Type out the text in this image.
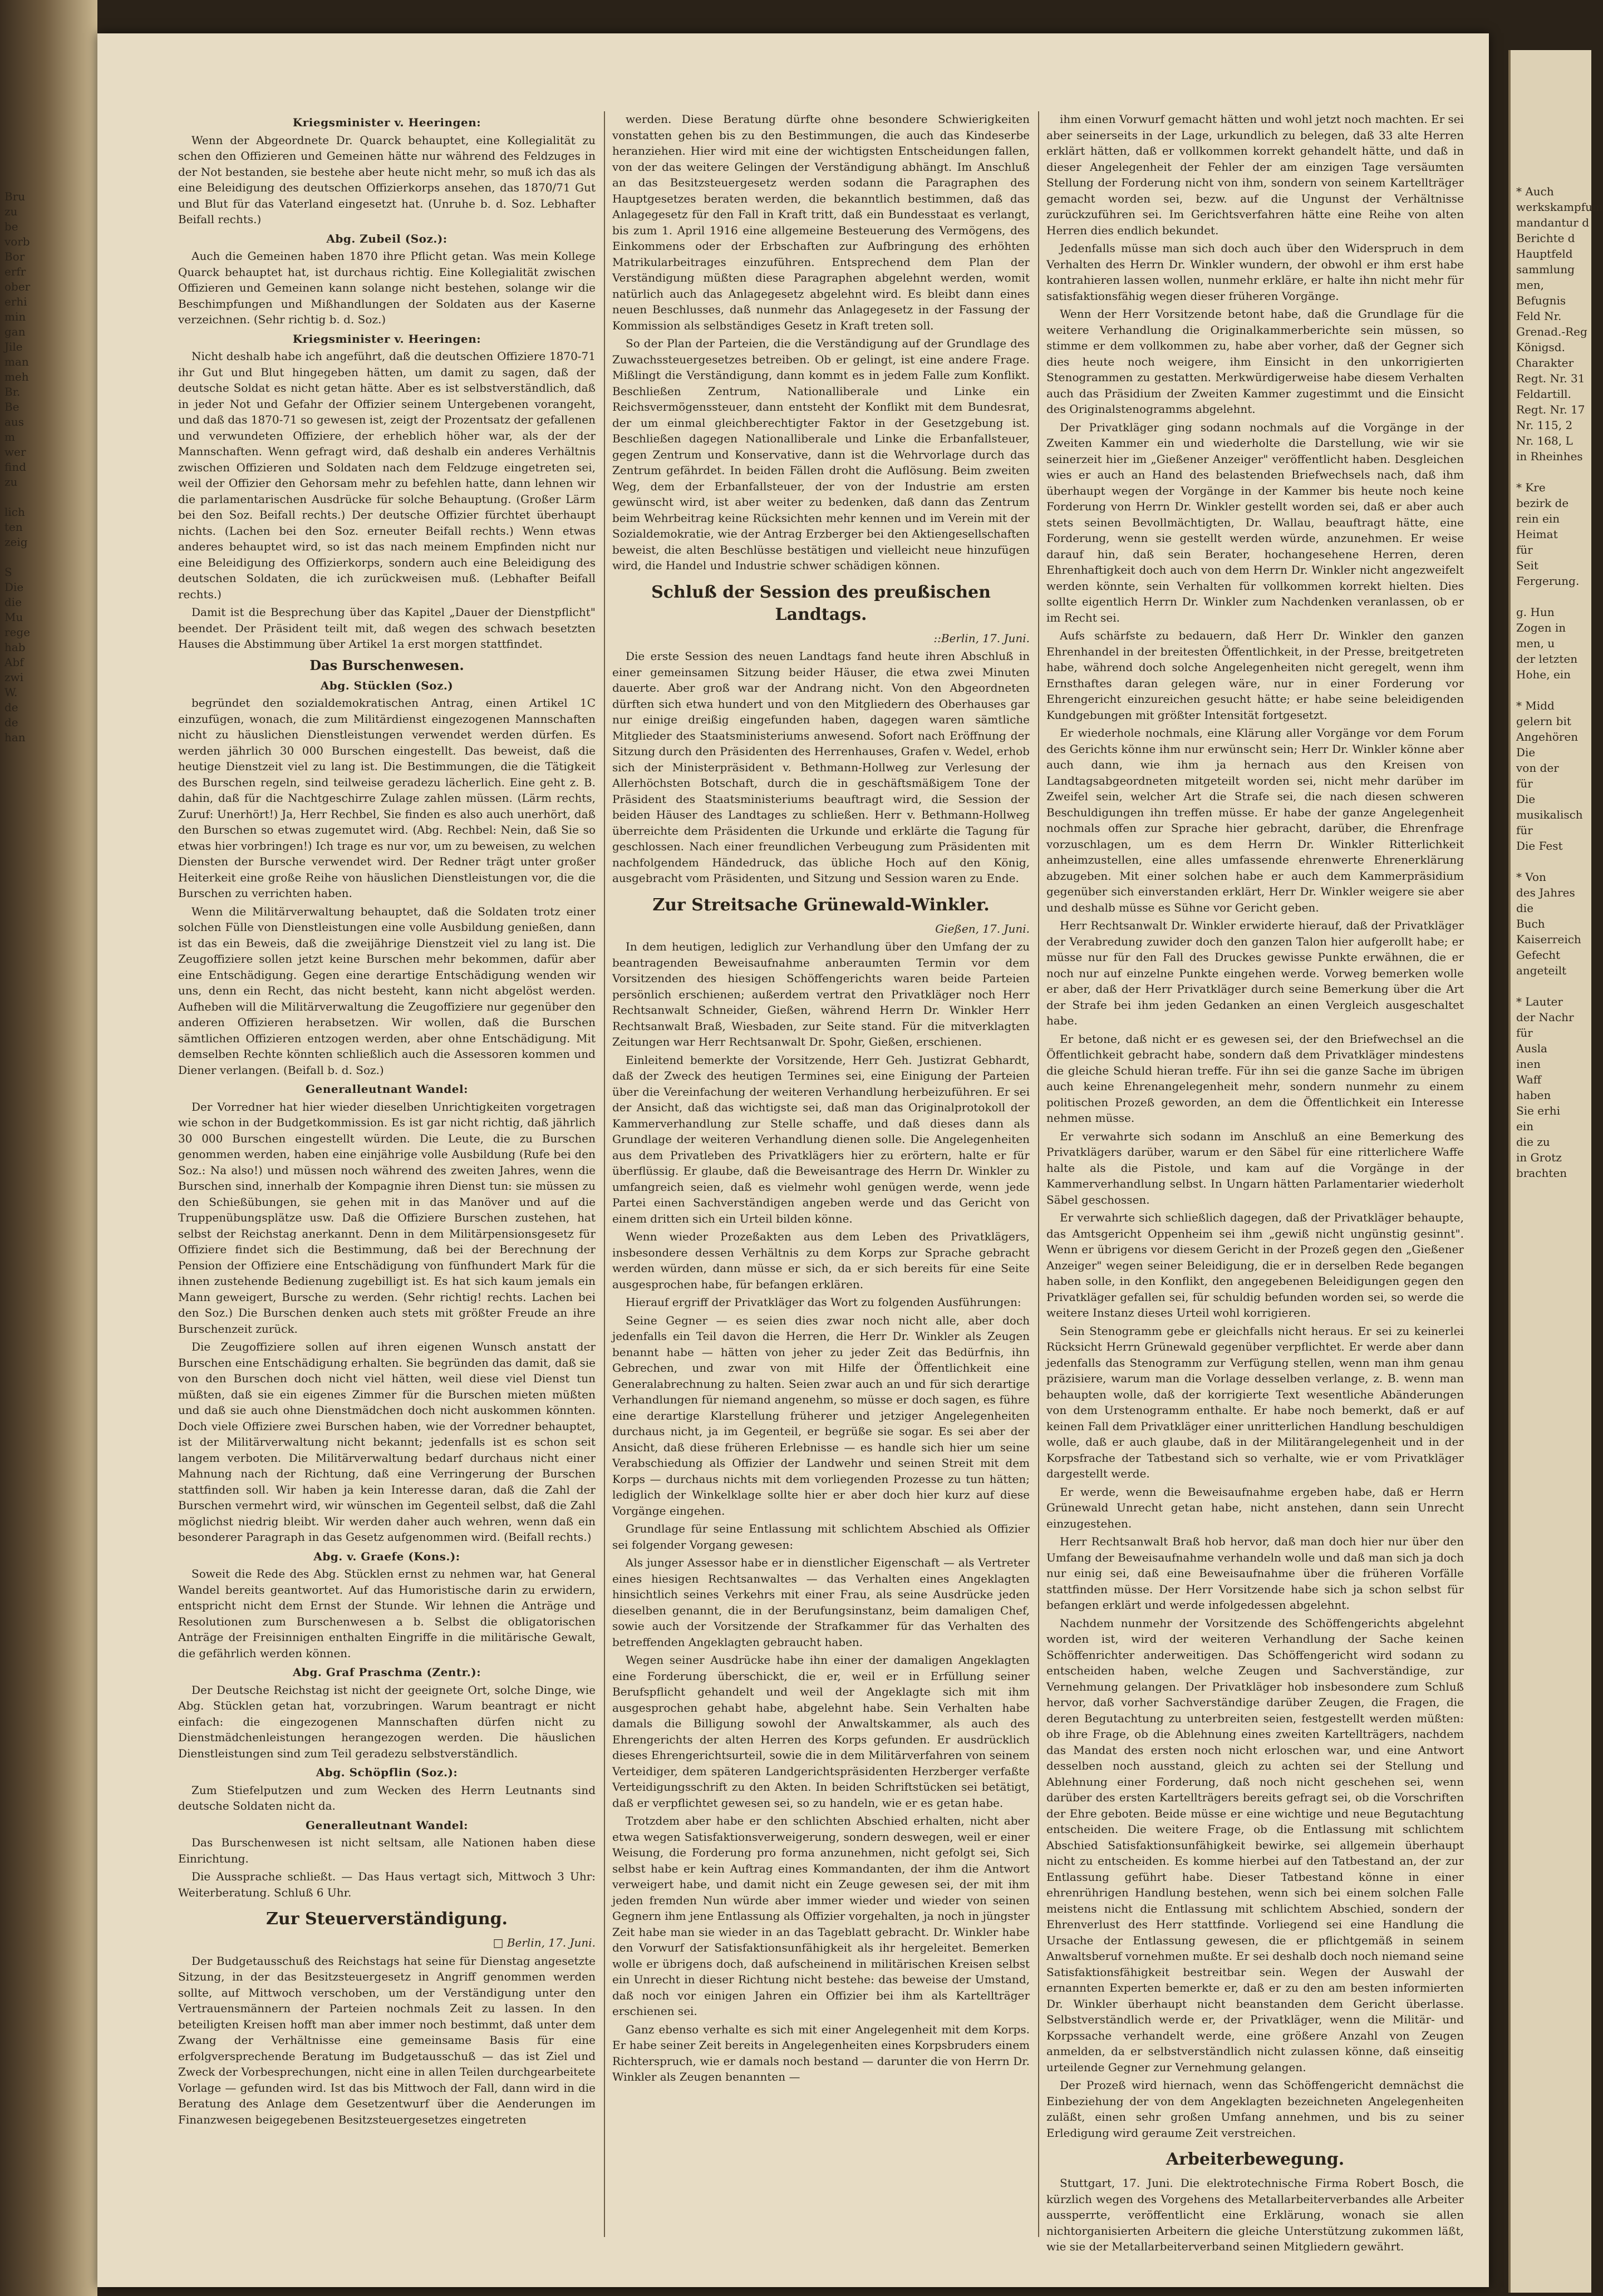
Bru
zu
be
vorb
Bor
erfr
ober
erhi
min
gan
Jile
man
meh
Br.
Be
aus
m
wer
find
zu

lich
ten
zeig

S
Die
die
Mu
rege
hab
Abf
zwi
W.
de
de
han

Kriegsminister v. Heeringen:

Wenn der Abgeordnete Dr. Quarck behauptet, eine Kollegialität zu schen den Offizieren und Gemeinen hätte nur während des Feldzuges in der Not bestanden, sie bestehe aber heute nicht mehr, so muß ich das als eine Beleidigung des deutschen Offizierkorps ansehen, das 1870/71 Gut und Blut für das Vaterland eingesetzt hat. (Unruhe b. d. Soz. Lebhafter Beifall rechts.)

Abg. Zubeil (Soz.):

Auch die Gemeinen haben 1870 ihre Pflicht getan. Was mein Kollege Quarck behauptet hat, ist durchaus richtig. Eine Kollegialität zwischen Offizieren und Gemeinen kann solange nicht bestehen, solange wir die Beschimpfungen und Mißhandlungen der Soldaten aus der Kaserne verzeichnen. (Sehr richtig b. d. Soz.)

Kriegsminister v. Heeringen:

Nicht deshalb habe ich angeführt, daß die deutschen Offiziere 1870-71 ihr Gut und Blut hingegeben hätten, um damit zu sagen, daß der deutsche Soldat es nicht getan hätte. Aber es ist selbstverständlich, daß in jeder Not und Gefahr der Offizier seinem Untergebenen vorangeht, und daß das 1870-71 so gewesen ist, zeigt der Prozentsatz der gefallenen und verwundeten Offiziere, der erheblich höher war, als der der Mannschaften. Wenn gefragt wird, daß deshalb ein anderes Verhältnis zwischen Offizieren und Soldaten nach dem Feldzuge eingetreten sei, weil der Offizier den Gehorsam mehr zu befehlen hatte, dann lehnen wir die parlamentarischen Ausdrücke für solche Behauptung. (Großer Lärm bei den Soz. Beifall rechts.) Der deutsche Offizier fürchtet überhaupt nichts. (Lachen bei den Soz. erneuter Beifall rechts.) Wenn etwas anderes behauptet wird, so ist das nach meinem Empfinden nicht nur eine Beleidigung des Offizierkorps, sondern auch eine Beleidigung des deutschen Soldaten, die ich zurückweisen muß. (Lebhafter Beifall rechts.)

Damit ist die Besprechung über das Kapitel „Dauer der Dienstpflicht" beendet. Der Präsident teilt mit, daß wegen des schwach besetzten Hauses die Abstimmung über Artikel 1a erst morgen stattfindet.

Das Burschenwesen.

Abg. Stücklen (Soz.)

begründet den sozialdemokratischen Antrag, einen Artikel 1C einzufügen, wonach, die zum Militärdienst eingezogenen Mannschaften nicht zu häuslichen Dienstleistungen verwendet werden dürfen. Es werden jährlich 30 000 Burschen eingestellt. Das beweist, daß die heutige Dienstzeit viel zu lang ist. Die Bestimmungen, die die Tätigkeit des Burschen regeln, sind teilweise geradezu lächerlich. Eine geht z. B. dahin, daß für die Nachtgeschirre Zulage zahlen müssen. (Lärm rechts, Zuruf: Unerhört!) Ja, Herr Rechbel, Sie finden es also auch unerhört, daß den Burschen so etwas zugemutet wird. (Abg. Rechbel: Nein, daß Sie so etwas hier vorbringen!) Ich trage es nur vor, um zu beweisen, zu welchen Diensten der Bursche verwendet wird. Der Redner trägt unter großer Heiterkeit eine große Reihe von häuslichen Dienstleistungen vor, die die Burschen zu verrichten haben.

Wenn die Militärverwaltung behauptet, daß die Soldaten trotz einer solchen Fülle von Dienstleistungen eine volle Ausbildung genießen, dann ist das ein Beweis, daß die zweijährige Dienstzeit viel zu lang ist. Die Zeugoffiziere sollen jetzt keine Burschen mehr bekommen, dafür aber eine Entschädigung. Gegen eine derartige Entschädigung wenden wir uns, denn ein Recht, das nicht besteht, kann nicht abgelöst werden. Aufheben will die Militärverwaltung die Zeugoffiziere nur gegenüber den anderen Offizieren herabsetzen. Wir wollen, daß die Burschen sämtlichen Offizieren entzogen werden, aber ohne Entschädigung. Mit demselben Rechte könnten schließlich auch die Assessoren kommen und Diener verlangen. (Beifall b. d. Soz.)

Generalleutnant Wandel:

Der Vorredner hat hier wieder dieselben Unrichtigkeiten vorgetragen wie schon in der Budgetkommission. Es ist gar nicht richtig, daß jährlich 30 000 Burschen eingestellt würden. Die Leute, die zu Burschen genommen werden, haben eine einjährige volle Ausbildung (Rufe bei den Soz.: Na also!) und müssen noch während des zweiten Jahres, wenn die Burschen sind, innerhalb der Kompagnie ihren Dienst tun: sie müssen zu den Schießübungen, sie gehen mit in das Manöver und auf die Truppenübungsplätze usw. Daß die Offiziere Burschen zustehen, hat selbst der Reichstag anerkannt. Denn in dem Militärpensionsgesetz für Offiziere findet sich die Bestimmung, daß bei der Berechnung der Pension der Offiziere eine Entschädigung von fünfhundert Mark für die ihnen zustehende Bedienung zugebilligt ist. Es hat sich kaum jemals ein Mann geweigert, Bursche zu werden. (Sehr richtig! rechts. Lachen bei den Soz.) Die Burschen denken auch stets mit größter Freude an ihre Burschenzeit zurück.

Die Zeugoffiziere sollen auf ihren eigenen Wunsch anstatt der Burschen eine Entschädigung erhalten. Sie begründen das damit, daß sie von den Burschen doch nicht viel hätten, weil diese viel Dienst tun müßten, daß sie ein eigenes Zimmer für die Burschen mieten müßten und daß sie auch ohne Dienstmädchen doch nicht auskommen könnten. Doch viele Offiziere zwei Burschen haben, wie der Vorredner behauptet, ist der Militärverwaltung nicht bekannt; jedenfalls ist es schon seit langem verboten. Die Militärverwaltung bedarf durchaus nicht einer Mahnung nach der Richtung, daß eine Verringerung der Burschen stattfinden soll. Wir haben ja kein Interesse daran, daß die Zahl der Burschen vermehrt wird, wir wünschen im Gegenteil selbst, daß die Zahl möglichst niedrig bleibt. Wir werden daher auch wehren, wenn daß ein besonderer Paragraph in das Gesetz aufgenommen wird. (Beifall rechts.)

Abg. v. Graefe (Kons.):

Soweit die Rede des Abg. Stücklen ernst zu nehmen war, hat General Wandel bereits geantwortet. Auf das Humoristische darin zu erwidern, entspricht nicht dem Ernst der Stunde. Wir lehnen die Anträge und Resolutionen zum Burschenwesen a b. Selbst die obligatorischen Anträge der Freisinnigen enthalten Eingriffe in die militärische Gewalt, die gefährlich werden können.

Abg. Graf Praschma (Zentr.):

Der Deutsche Reichstag ist nicht der geeignete Ort, solche Dinge, wie Abg. Stücklen getan hat, vorzubringen. Warum beantragt er nicht einfach: die eingezogenen Mannschaften dürfen nicht zu Dienstmädchenleistungen herangezogen werden. Die häuslichen Dienstleistungen sind zum Teil geradezu selbstverständlich.

Abg. Schöpflin (Soz.):

Zum Stiefelputzen und zum Wecken des Herrn Leutnants sind deutsche Soldaten nicht da.

Generalleutnant Wandel:

Das Burschenwesen ist nicht seltsam, alle Nationen haben diese Einrichtung.

Die Aussprache schließt. — Das Haus vertagt sich, Mittwoch 3 Uhr: Weiterberatung. Schluß 6 Uhr.

Zur Steuerverständigung.

□ Berlin, 17. Juni.

Der Budgetausschuß des Reichstags hat seine für Dienstag angesetzte Sitzung, in der das Besitzsteuergesetz in Angriff genommen werden sollte, auf Mittwoch verschoben, um der Verständigung unter den Vertrauensmännern der Parteien nochmals Zeit zu lassen. In den beteiligten Kreisen hofft man aber immer noch bestimmt, daß unter dem Zwang der Verhältnisse eine gemeinsame Basis für eine erfolgversprechende Beratung im Budgetausschuß — das ist Ziel und Zweck der Vorbesprechungen, nicht eine in allen Teilen durchgearbeitete Vorlage — gefunden wird. Ist das bis Mittwoch der Fall, dann wird in die Beratung des Anlage dem Gesetzentwurf über die Aenderungen im Finanzwesen beigegebenen Besitzsteuergesetzes eingetreten

werden. Diese Beratung dürfte ohne besondere Schwierigkeiten vonstatten gehen bis zu den Bestimmungen, die auch das Kindeserbe heranziehen. Hier wird mit eine der wichtigsten Entscheidungen fallen, von der das weitere Gelingen der Verständigung abhängt. Im Anschluß an das Besitzsteuergesetz werden sodann die Paragraphen des Hauptgesetzes beraten werden, die bekanntlich bestimmen, daß das Anlagegesetz für den Fall in Kraft tritt, daß ein Bundesstaat es verlangt, bis zum 1. April 1916 eine allgemeine Besteuerung des Vermögens, des Einkommens oder der Erbschaften zur Aufbringung des erhöhten Matrikularbeitrages einzuführen. Entsprechend dem Plan der Verständigung müßten diese Paragraphen abgelehnt werden, womit natürlich auch das Anlagegesetz abgelehnt wird. Es bleibt dann eines neuen Beschlusses, daß nunmehr das Anlagegesetz in der Fassung der Kommission als selbständiges Gesetz in Kraft treten soll.

So der Plan der Parteien, die die Verständigung auf der Grundlage des Zuwachssteuergesetzes betreiben. Ob er gelingt, ist eine andere Frage. Mißlingt die Verständigung, dann kommt es in jedem Falle zum Konflikt. Beschließen Zentrum, Nationalliberale und Linke ein Reichsvermögenssteuer, dann entsteht der Konflikt mit dem Bundesrat, der um einmal gleichberechtigter Faktor in der Gesetzgebung ist. Beschließen dagegen Nationalliberale und Linke die Erbanfallsteuer, gegen Zentrum und Konservative, dann ist die Wehrvorlage durch das Zentrum gefährdet. In beiden Fällen droht die Auflösung. Beim zweiten Weg, dem der Erbanfallsteuer, der von der Industrie am ersten gewünscht wird, ist aber weiter zu bedenken, daß dann das Zentrum beim Wehrbeitrag keine Rücksichten mehr kennen und im Verein mit der Sozialdemokratie, wie der Antrag Erzberger bei den Aktiengesellschaften beweist, die alten Beschlüsse bestätigen und vielleicht neue hinzufügen wird, die Handel und Industrie schwer schädigen können.

Schluß der Session des preußischen Landtags.

::Berlin, 17. Juni.

Die erste Session des neuen Landtags fand heute ihren Abschluß in einer gemeinsamen Sitzung beider Häuser, die etwa zwei Minuten dauerte. Aber groß war der Andrang nicht. Von den Abgeordneten dürften sich etwa hundert und von den Mitgliedern des Oberhauses gar nur einige dreißig eingefunden haben, dagegen waren sämtliche Mitglieder des Staatsministeriums anwesend. Sofort nach Eröffnung der Sitzung durch den Präsidenten des Herrenhauses, Grafen v. Wedel, erhob sich der Ministerpräsident v. Bethmann-Hollweg zur Verlesung der Allerhöchsten Botschaft, durch die in geschäftsmäßigem Tone der Präsident des Staatsministeriums beauftragt wird, die Session der beiden Häuser des Landtages zu schließen. Herr v. Bethmann-Hollweg überreichte dem Präsidenten die Urkunde und erklärte die Tagung für geschlossen. Nach einer freundlichen Verbeugung zum Präsidenten mit nachfolgendem Händedruck, das übliche Hoch auf den König, ausgebracht vom Präsidenten, und Sitzung und Session waren zu Ende.

Zur Streitsache Grünewald-Winkler.

Gießen, 17. Juni.

In dem heutigen, lediglich zur Verhandlung über den Umfang der zu beantragenden Beweisaufnahme anberaumten Termin vor dem Vorsitzenden des hiesigen Schöffengerichts waren beide Parteien persönlich erschienen; außerdem vertrat den Privatkläger noch Herr Rechtsanwalt Schneider, Gießen, während Herrn Dr. Winkler Herr Rechtsanwalt Braß, Wiesbaden, zur Seite stand. Für die mitverklagten Zeitungen war Herr Rechtsanwalt Dr. Spohr, Gießen, erschienen.

Einleitend bemerkte der Vorsitzende, Herr Geh. Justizrat Gebhardt, daß der Zweck des heutigen Termines sei, eine Einigung der Parteien über die Vereinfachung der weiteren Verhandlung herbeizuführen. Er sei der Ansicht, daß das wichtigste sei, daß man das Originalprotokoll der Kammerverhandlung zur Stelle schaffe, und daß dieses dann als Grundlage der weiteren Verhandlung dienen solle. Die Angelegenheiten aus dem Privatleben des Privatklägers hier zu erörtern, halte er für überflüssig. Er glaube, daß die Beweisantrage des Herrn Dr. Winkler zu umfangreich seien, daß es vielmehr wohl genügen werde, wenn jede Partei einen Sachverständigen angeben werde und das Gericht von einem dritten sich ein Urteil bilden könne.

Wenn wieder Prozeßakten aus dem Leben des Privatklägers, insbesondere dessen Verhältnis zu dem Korps zur Sprache gebracht werden würden, dann müsse er sich, da er sich bereits für eine Seite ausgesprochen habe, für befangen erklären.

Hierauf ergriff der Privatkläger das Wort zu folgenden Ausführungen:

Seine Gegner — es seien dies zwar noch nicht alle, aber doch jedenfalls ein Teil davon die Herren, die Herr Dr. Winkler als Zeugen benannt habe — hätten von jeher zu jeder Zeit das Bedürfnis, ihn Gebrechen, und zwar von mit Hilfe der Öffentlichkeit eine Generalabrechnung zu halten. Seien zwar auch an und für sich derartige Verhandlungen für niemand angenehm, so müsse er doch sagen, es führe eine derartige Klarstellung früherer und jetziger Angelegenheiten durchaus nicht, ja im Gegenteil, er begrüße sie sogar. Es sei aber der Ansicht, daß diese früheren Erlebnisse — es handle sich hier um seine Verabschiedung als Offizier der Landwehr und seinen Streit mit dem Korps — durchaus nichts mit dem vorliegenden Prozesse zu tun hätten; lediglich der Winkelklage sollte hier er aber doch hier kurz auf diese Vorgänge eingehen.

Grundlage für seine Entlassung mit schlichtem Abschied als Offizier sei folgender Vorgang gewesen:

Als junger Assessor habe er in dienstlicher Eigenschaft — als Vertreter eines hiesigen Rechtsanwaltes — das Verhalten eines Angeklagten hinsichtlich seines Verkehrs mit einer Frau, als seine Ausdrücke jeden dieselben genannt, die in der Berufungsinstanz, beim damaligen Chef, sowie auch der Vorsitzende der Strafkammer für das Verhalten des betreffenden Angeklagten gebraucht haben.

Wegen seiner Ausdrücke habe ihn einer der damaligen Angeklagten eine Forderung überschickt, die er, weil er in Erfüllung seiner Berufspflicht gehandelt und weil der Angeklagte sich mit ihm ausgesprochen gehabt habe, abgelehnt habe. Sein Verhalten habe damals die Billigung sowohl der Anwaltskammer, als auch des Ehrengerichts der alten Herren des Korps gefunden. Er ausdrücklich dieses Ehrengerichtsurteil, sowie die in dem Militärverfahren von seinem Verteidiger, dem späteren Landgerichtspräsidenten Herzberger verfaßte Verteidigungsschrift zu den Akten. In beiden Schriftstücken sei betätigt, daß er verpflichtet gewesen sei, so zu handeln, wie er es getan habe.

Trotzdem aber habe er den schlichten Abschied erhalten, nicht aber etwa wegen Satisfaktionsverweigerung, sondern deswegen, weil er einer Weisung, die Forderung pro forma anzunehmen, nicht gefolgt sei, Sich selbst habe er kein Auftrag eines Kommandanten, der ihm die Antwort verweigert habe, und damit nicht ein Zeuge gewesen sei, der mit ihm jeden fremden Nun würde aber immer wieder und wieder von seinen Gegnern ihm jene Entlassung als Offizier vorgehalten, ja noch in jüngster Zeit habe man sie wieder in an das Tageblatt gebracht. Dr. Winkler habe den Vorwurf der Satisfaktionsunfähigkeit als ihr hergeleitet. Bemerken wolle er übrigens doch, daß aufscheinend in militärischen Kreisen selbst ein Unrecht in dieser Richtung nicht bestehe: das beweise der Umstand, daß noch vor einigen Jahren ein Offizier bei ihm als Kartellträger erschienen sei.

Ganz ebenso verhalte es sich mit einer Angelegenheit mit dem Korps. Er habe seiner Zeit bereits in Angelegenheiten eines Korpsbruders einem Richterspruch, wie er damals noch bestand — darunter die von Herrn Dr. Winkler als Zeugen benannten —

ihm einen Vorwurf gemacht hätten und wohl jetzt noch machten. Er sei aber seinerseits in der Lage, urkundlich zu belegen, daß 33 alte Herren erklärt hätten, daß er vollkommen korrekt gehandelt hätte, und daß in dieser Angelegenheit der Fehler der am einzigen Tage versäumten Stellung der Forderung nicht von ihm, sondern von seinem Kartellträger gemacht worden sei, bezw. auf die Ungunst der Verhältnisse zurückzuführen sei. Im Gerichtsverfahren hätte eine Reihe von alten Herren dies endlich bekundet.

Jedenfalls müsse man sich doch auch über den Widerspruch in dem Verhalten des Herrn Dr. Winkler wundern, der obwohl er ihm erst habe kontrahieren lassen wollen, nunmehr erkläre, er halte ihn nicht mehr für satisfaktionsfähig wegen dieser früheren Vorgänge.

Wenn der Herr Vorsitzende betont habe, daß die Grundlage für die weitere Verhandlung die Originalkammerberichte sein müssen, so stimme er dem vollkommen zu, habe aber vorher, daß der Gegner sich dies heute noch weigere, ihm Einsicht in den unkorrigierten Stenogrammen zu gestatten. Merkwürdigerweise habe diesem Verhalten auch das Präsidium der Zweiten Kammer zugestimmt und die Einsicht des Originalstenogramms abgelehnt.

Der Privatkläger ging sodann nochmals auf die Vorgänge in der Zweiten Kammer ein und wiederholte die Darstellung, wie wir sie seinerzeit hier im „Gießener Anzeiger" veröffentlicht haben. Desgleichen wies er auch an Hand des belastenden Briefwechsels nach, daß ihm überhaupt wegen der Vorgänge in der Kammer bis heute noch keine Forderung von Herrn Dr. Winkler gestellt worden sei, daß er aber auch stets seinen Bevollmächtigten, Dr. Wallau, beauftragt hätte, eine Forderung, wenn sie gestellt werden würde, anzunehmen. Er weise darauf hin, daß sein Berater, hochangesehene Herren, deren Ehrenhaftigkeit doch auch von dem Herrn Dr. Winkler nicht angezweifelt werden könnte, sein Verhalten für vollkommen korrekt hielten. Dies sollte eigentlich Herrn Dr. Winkler zum Nachdenken veranlassen, ob er im Recht sei.

Aufs schärfste zu bedauern, daß Herr Dr. Winkler den ganzen Ehrenhandel in der breitesten Öffentlichkeit, in der Presse, breitgetreten habe, während doch solche Angelegenheiten nicht geregelt, wenn ihm Ernsthaftes daran gelegen wäre, nur in einer Forderung vor Ehrengericht einzureichen gesucht hätte; er habe seine beleidigenden Kundgebungen mit größter Intensität fortgesetzt.

Er wiederhole nochmals, eine Klärung aller Vorgänge vor dem Forum des Gerichts könne ihm nur erwünscht sein; Herr Dr. Winkler könne aber auch dann, wie ihm ja hernach aus den Kreisen von Landtagsabgeordneten mitgeteilt worden sei, nicht mehr darüber im Zweifel sein, welcher Art die Strafe sei, die nach diesen schweren Beschuldigungen ihn treffen müsse. Er habe der ganze Angelegenheit nochmals offen zur Sprache hier gebracht, darüber, die Ehrenfrage vorzuschlagen, um es dem Herrn Dr. Winkler Ritterlichkeit anheimzustellen, eine alles umfassende ehrenwerte Ehrenerklärung abzugeben. Mit einer solchen habe er auch dem Kammerpräsidium gegenüber sich einverstanden erklärt, Herr Dr. Winkler weigere sie aber und deshalb müsse es Sühne vor Gericht geben.

Herr Rechtsanwalt Dr. Winkler erwiderte hierauf, daß der Privatkläger der Verabredung zuwider doch den ganzen Talon hier aufgerollt habe; er müsse nur für den Fall des Druckes gewisse Punkte erwähnen, die er noch nur auf einzelne Punkte eingehen werde. Vorweg bemerken wolle er aber, daß der Herr Privatkläger durch seine Bemerkung über die Art der Strafe bei ihm jeden Gedanken an einen Vergleich ausgeschaltet habe.

Er betone, daß nicht er es gewesen sei, der den Briefwechsel an die Öffentlichkeit gebracht habe, sondern daß dem Privatkläger mindestens die gleiche Schuld hieran treffe. Für ihn sei die ganze Sache im übrigen auch keine Ehrenangelegenheit mehr, sondern nunmehr zu einem politischen Prozeß geworden, an dem die Öffentlichkeit ein Interesse nehmen müsse.

Er verwahrte sich sodann im Anschluß an eine Bemerkung des Privatklägers darüber, warum er den Säbel für eine ritterlichere Waffe halte als die Pistole, und kam auf die Vorgänge in der Kammerverhandlung selbst. In Ungarn hätten Parlamentarier wiederholt Säbel geschossen.

Er verwahrte sich schließlich dagegen, daß der Privatkläger behaupte, das Amtsgericht Oppenheim sei ihm „gewiß nicht ungünstig gesinnt". Wenn er übrigens vor diesem Gericht in der Prozeß gegen den „Gießener Anzeiger" wegen seiner Beleidigung, die er in derselben Rede begangen haben solle, in den Konflikt, den angegebenen Beleidigungen gegen den Privatkläger gefallen sei, für schuldig befunden worden sei, so werde die weitere Instanz dieses Urteil wohl korrigieren.

Sein Stenogramm gebe er gleichfalls nicht heraus. Er sei zu keinerlei Rücksicht Herrn Grünewald gegenüber verpflichtet. Er werde aber dann jedenfalls das Stenogramm zur Verfügung stellen, wenn man ihm genau präzisiere, warum man die Vorlage desselben verlange, z. B. wenn man behaupten wolle, daß der korrigierte Text wesentliche Abänderungen von dem Urstenogramm enthalte. Er habe noch bemerkt, daß er auf keinen Fall dem Privatkläger einer unritterlichen Handlung beschuldigen wolle, daß er auch glaube, daß in der Militärangelegenheit und in der Korpsfrache der Tatbestand sich so verhalte, wie er vom Privatkläger dargestellt werde.

Er werde, wenn die Beweisaufnahme ergeben habe, daß er Herrn Grünewald Unrecht getan habe, nicht anstehen, dann sein Unrecht einzugestehen.

Herr Rechtsanwalt Braß hob hervor, daß man doch hier nur über den Umfang der Beweisaufnahme verhandeln wolle und daß man sich ja doch nur einig sei, daß eine Beweisaufnahme über die früheren Vorfälle stattfinden müsse. Der Herr Vorsitzende habe sich ja schon selbst für befangen erklärt und werde infolgedessen abgelehnt.

Nachdem nunmehr der Vorsitzende des Schöffengerichts abgelehnt worden ist, wird der weiteren Verhandlung der Sache keinen Schöffenrichter anderweitigen. Das Schöffengericht wird sodann zu entscheiden haben, welche Zeugen und Sachverständige, zur Vernehmung gelangen. Der Privatkläger hob insbesondere zum Schluß hervor, daß vorher Sachverständige darüber Zeugen, die Fragen, die deren Begutachtung zu unterbreiten seien, festgestellt werden müßten: ob ihre Frage, ob die Ablehnung eines zweiten Kartellträgers, nachdem das Mandat des ersten noch nicht erloschen war, und eine Antwort desselben noch ausstand, gleich zu achten sei der Stellung und Ablehnung einer Forderung, daß noch nicht geschehen sei, wenn darüber des ersten Kartellträgers bereits gefragt sei, ob die Vorschriften der Ehre geboten. Beide müsse er eine wichtige und neue Begutachtung entscheiden. Die weitere Frage, ob die Entlassung mit schlichtem Abschied Satisfaktionsunfähigkeit bewirke, sei allgemein überhaupt nicht zu entscheiden. Es komme hierbei auf den Tatbestand an, der zur Entlassung geführt habe. Dieser Tatbestand könne in einer ehrenrührigen Handlung bestehen, wenn sich bei einem solchen Falle meistens nicht die Entlassung mit schlichtem Abschied, sondern der Ehrenverlust des Herr stattfinde. Vorliegend sei eine Handlung die Ursache der Entlassung gewesen, die er pflichtgemäß in seinem Anwaltsberuf vornehmen mußte. Er sei deshalb doch noch niemand seine Satisfaktionsfähigkeit bestreitbar sein. Wegen der Auswahl der ernannten Experten bemerkte er, daß er zu den am besten informierten Dr. Winkler überhaupt nicht beanstanden dem Gericht überlasse. Selbstverständlich werde er, der Privatkläger, wenn die Militär- und Korpssache verhandelt werde, eine größere Anzahl von Zeugen anmelden, da er selbstverständlich nicht zulassen könne, daß einseitig urteilende Gegner zur Vernehmung gelangen.

Der Prozeß wird hiernach, wenn das Schöffengericht demnächst die Einbeziehung der von dem Angeklagten bezeichneten Angelegenheiten zuläßt, einen sehr großen Umfang annehmen, und bis zu seiner Erledigung wird geraume Zeit verstreichen.

Arbeiterbewegung.

Stuttgart, 17. Juni. Die elektrotechnische Firma Robert Bosch, die kürzlich wegen des Vorgehens des Metallarbeiterverbandes alle Arbeiter aussperrte, veröffentlicht eine Erklärung, wonach sie allen nichtorganisierten Arbeitern die gleiche Unterstützung zukommen läßt, wie sie der Metallarbeiterverband seinen Mitgliedern gewährt.

* Auch
werkskampfum
mandantur d
Berichte d
Hauptfeld
sammlung
men,
Befugnis
Feld Nr.
Grenad.-Reg
Königsd.
Charakter
Regt. Nr. 31
Feldartill.
Regt. Nr. 17
Nr. 115, 2
Nr. 168, L
in Rheinhes

* Kre
bezirk de
rein ein
Heimat
für
Seit
Fergerung.

g. Hun
Zogen in
men, u
der letzten
Hohe, ein

* Midd
gelern bit
Angehören
Die
von der
für
Die
musikalisch
für
Die Fest

* Von
des Jahres
die
Buch
Kaiserreich
Gefecht
angeteilt

* Lauter
der Nachr
für
Ausla
inen
Waff
haben
Sie erhi
ein
die zu
in Grotz
brachten
